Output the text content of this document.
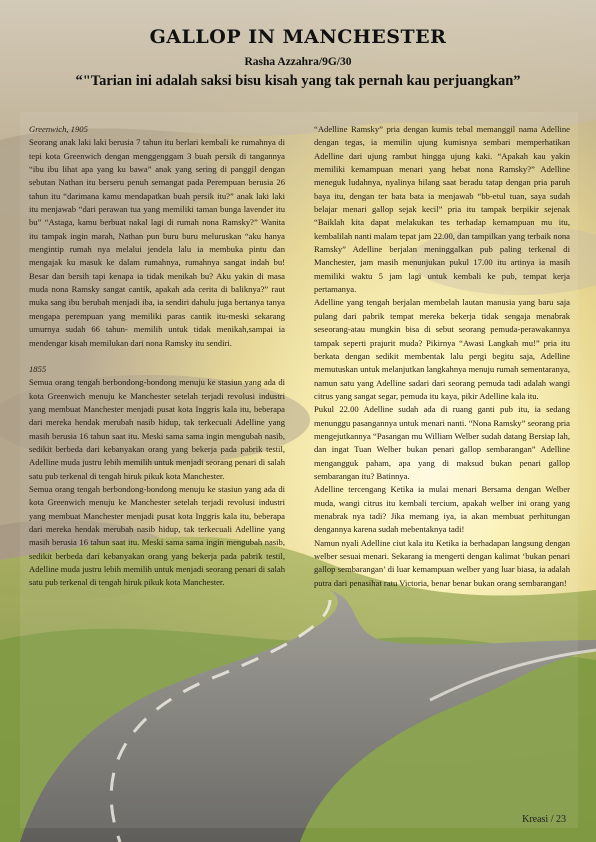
GALLOP IN MANCHESTER
Rasha Azzahra/9G/30
“"Tarian ini adalah saksi bisu kisah yang tak pernah kau perjuangkan”

Greenwich, 1905

Seorang anak laki laki berusia 7 tahun itu berlari kembali ke rumahnya di tepi kota Greenwich dengan menggenggam 3 buah persik di tangannya “ibu ibu lihat apa yang ku bawa” anak yang sering di panggil dengan sebutan Nathan itu berseru penuh semangat pada Perempuan berusia 26 tahun itu “darimana kamu mendapatkan buah persik itu?” anak laki laki itu menjawab “dari perawan tua yang memiliki taman bunga lavender itu bu” “Astaga, kamu berbuat nakal lagi di rumah nona Ramsky?” Wanita itu tampak ingin marah, Nathan pun buru buru meluruskan “aku hanya mengintip rumah nya melalui jendela lalu ia membuka pintu dan mengajak ku masuk ke dalam rumahnya, rumahnya sangat indah bu! Besar dan bersih tapi kenapa ia tidak menikah bu? Aku yakin di masa muda nona Ramsky sangat cantik, apakah ada cerita di baliknya?” raut muka sang ibu berubah menjadi iba, ia sendiri dahulu juga bertanya tanya mengapa perempuan yang memiliki paras cantik itu-meski sekarang umurnya sudah 66 tahun- memilih untuk tidak menikah,sampai ia mendengar kisah memilukan dari nona Ramsky itu sendiri.

1855

Semua orang tengah berbondong-bondong menuju ke stasiun yang ada di kota Greenwich menuju ke Manchester setelah terjadi revolusi industri yang membuat Manchester menjadi pusat kota Inggris kala itu, beberapa dari mereka hendak merubah nasib hidup, tak terkecuali Adelline yang masih berusia 16 tahun saat itu. Meski sama sama ingin mengubah nasib, sedikit berbeda dari kebanyakan orang yang bekerja pada pabrik testil, Adelline muda justru lebih memilih untuk menjadi seorang penari di salah satu pub terkenal di tengah hiruk pikuk kota Manchester.

Semua orang tengah berbondong-bondong menuju ke stasiun yang ada di kota Greenwich menuju ke Manchester setelah terjadi revolusi industri yang membuat Manchester menjadi pusat kota Inggris kala itu, beberapa dari mereka hendak merubah nasib hidup, tak terkecuali Adelline yang masih berusia 16 tahun saat itu. Meski sama sama ingin mengubah nasib, sedikit berbeda dari kebanyakan orang yang bekerja pada pabrik testil, Adelline muda justru lebih memilih untuk menjadi seorang penari di salah satu pub terkenal di tengah hiruk pikuk kota Manchester.

“Adelline Ramsky” pria dengan kumis tebal memanggil nama Adelline dengan tegas, ia memilin ujung kumisnya sembari memperhatikan Adelline dari ujung rambut hingga ujung kaki. “Apakah kau yakin memiliki kemampuan menari yang hebat nona Ramsky?” Adelline meneguk ludahnya, nyalinya hilang saat beradu tatap dengan pria paruh baya itu, dengan ter bata bata ia menjawab “bb-etul tuan, saya sudah belajar menari gallop sejak kecil” pria itu tampak berpikir sejenak “Baiklah kita dapat melakukan tes terhadap kemampuan mu itu, kembalilah nanti malam tepat jam 22.00, dan tampilkan yang terbaik nona Ramsky” Adelline berjalan meninggalkan pub paling terkenal di Manchester, jam masih menunjukan pukul 17.00 itu artinya ia masih memiliki waktu 5 jam lagi untuk kembali ke pub, tempat kerja pertamanya.

Adelline yang tengah berjalan membelah lautan manusia yang baru saja pulang dari pabrik tempat mereka bekerja tidak sengaja menabrak seseorang-atau mungkin bisa di sebut seorang pemuda-perawakannya tampak seperti prajurit muda? Pikirnya “Awasi Langkah mu!” pria itu berkata dengan sedikit membentak lalu pergi begitu saja, Adelline memutuskan untuk melanjutkan langkahnya menuju rumah sementaranya, namun satu yang Adelline sadari dari seorang pemuda tadi adalah wangi citrus yang sangat segar, pemuda itu kaya, pikir Adelline kala itu.

Pukul 22.00 Adelline sudah ada di ruang ganti pub itu, ia sedang menunggu pasangannya untuk menari nanti. “Nona Ramsky” seorang pria mengejutkannya “Pasangan mu William Welber sudah datang Bersiap lah, dan ingat Tuan Welber bukan penari gallop sembarangan” Adelline mengangguk paham, apa yang di maksud bukan penari gallop sembarangan itu? Batinnya.

Adelline tercengang Ketika ia mulai menari Bersama dengan Welber muda, wangi citrus itu kembali tercium, apakah welber ini orang yang menabrak nya tadi? Jika memang iya, ia akan membuat perhitungan dengannya karena sudah mebentaknya tadi!

Namun nyali Adelline ciut kala itu Ketika ia berhadapan langsung dengan welber sesuai menari. Sekarang ia mengerti dengan kalimat ‘bukan penari gallop sembarangan’ di luar kemampuan welber yang luar biasa, ia adalah putra dari penasihat ratu Victoria, benar benar bukan orang sembarangan!

Kreasi / 23
